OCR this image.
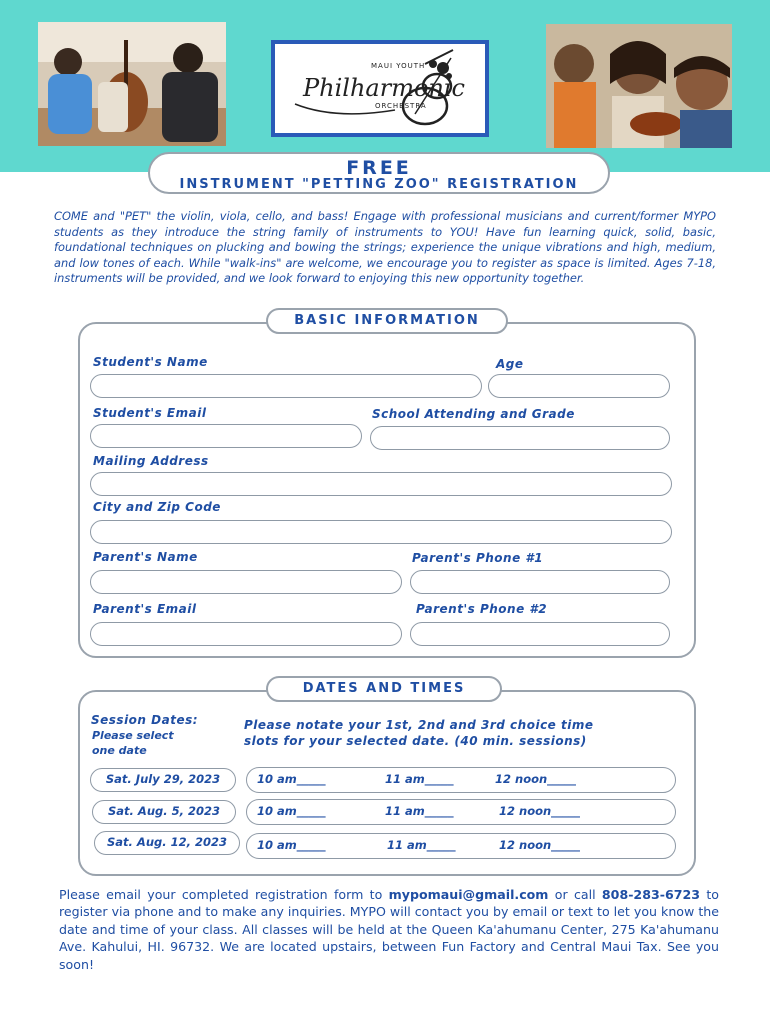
MAUI YOUTH
Philharmonic
ORCHESTRA
FREE
INSTRUMENT "PETTING ZOO" REGISTRATION
COME and "PET" the violin, viola, cello, and bass! Engage with professional musicians and current/former MYPO students as they introduce the string family of instruments to YOU! Have fun learning quick, solid, basic, foundational techniques on plucking and bowing the strings; experience the unique vibrations and high, medium, and low tones of each. While "walk-ins" are welcome, we encourage you to register as space is limited. Ages 7-18, instruments will be provided, and we look forward to enjoying this new opportunity together.
BASIC INFORMATION
Student's Name	Age
Student's Email	School Attending and Grade
Mailing Address
City and Zip Code
Parent's Name	Parent's Phone #1
Parent's Email	Parent's Phone #2
DATES AND TIMES
Session Dates:
Please select
one date
Please notate your 1st, 2nd and 3rd choice time
slots for your selected date. (40 min. sessions)
Sat. July 29, 2023	10 am_____	11 am_____	12 noon_____
Sat. Aug. 5, 2023	10 am_____	11 am_____	12 noon_____
Sat. Aug. 12, 2023	10 am_____	11 am_____	12 noon_____
Please email your completed registration form to mypomaui@gmail.com or call 808-283-6723 to register via phone and to make any inquiries. MYPO will contact you by email or text to let you know the date and time of your class. All classes will be held at the Queen Ka'ahumanu Center, 275 Ka'ahumanu Ave. Kahului, HI. 96732. We are located upstairs, between Fun Factory and Central Maui Tax. See you soon!
